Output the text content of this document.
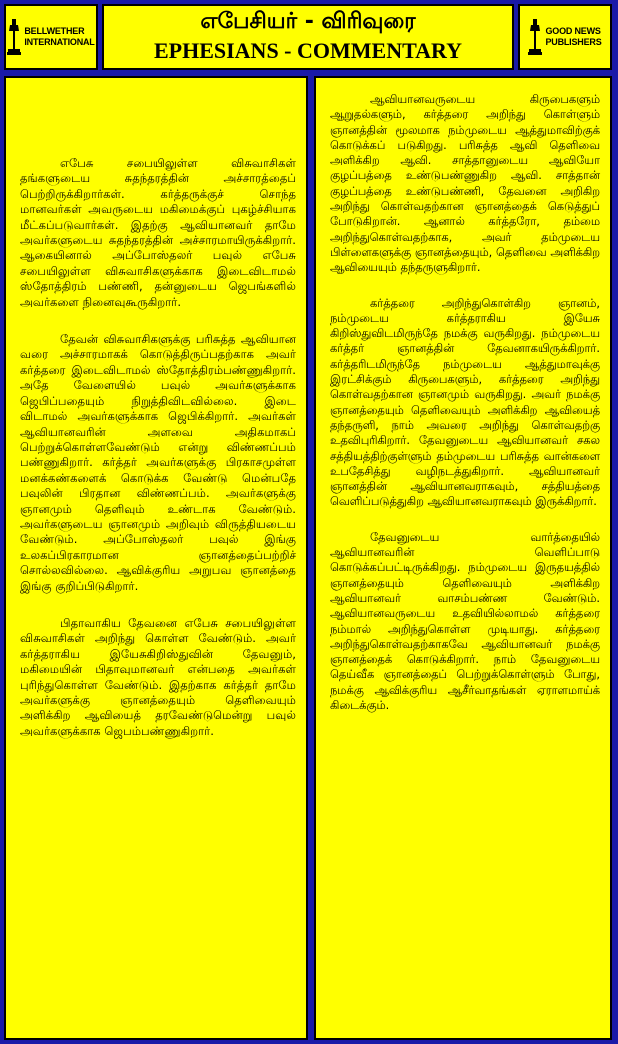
BELLWETHER
INTERNATIONAL
எபேசியர் - விரிவுரை
EPHESIANS - COMMENTARY
GOOD NEWS
PUBLISHERS

எபேசு சபையிலுள்ள விசுவாசிகள் தங்களுடைய சுதந்தரத்தின் அச்சாரத்தைப் பெற்றிருக்கிறார்கள். கர்த்தருக்குச் சொந்த மானவர்கள் அவருடைய மகிமைக்குப் புகழ்ச்சியாக மீட்கப்படுவார்கள். இதற்கு ஆவியானவர் தாமே அவர்களுடைய சுதந்தரத்தின் அச்சாரமாயிருக்கிறார். ஆகையினால் அப்போஸ்தலர் பவுல் எபேசு சபையிலுள்ள விசுவாசிகளுக்காக இடைவிடாமல் ஸ்தோத்திரம் பண்ணி, தன்னுடைய ஜெபங்களில் அவர்களை நினைவுகூருகிறார்.

தேவன் விசுவாசிகளுக்கு பரிசுத்த ஆவியான வரை அச்சாரமாகக் கொடுத்திருப்பதற்காக அவர் கர்த்தரை இடைவிடாமல் ஸ்தோத்திரம்பண்ணுகிறார். அதே வேளையில் பவுல் அவர்களுக்காக ஜெபிப்பதையும் நிறுத்திவிடவில்லை. இடை விடாமல் அவர்களுக்காக ஜெபிக்கிறார். அவர்கள் ஆவியானவரின் அளவை அதிகமாகப் பெற்றுக்கொள்ளவேண்டும் என்று விண்ணப்பம் பண்ணுகிறார். கர்த்தர் அவர்களுக்கு பிரகாசமுள்ள மனக்கண்களைக் கொடுக்க வேண்டு மென்பதே பவுலின் பிரதான விண்ணப்பம். அவர்களுக்கு ஞானமும் தெளிவும் உண்டாக வேண்டும். அவர்களுடைய ஞானமும் அறிவும் விருத்தியடைய வேண்டும். அப்போஸ்தலர் பவுல் இங்கு உலகப்பிரகாரமான ஞானத்தைப்பற்றிச் சொல்லவில்லை. ஆவிக்குரிய அறுபவ ஞானத்தை இங்கு குறிப்பிடுகிறார்.

பிதாவாகிய தேவனை எபேசு சபையிலுள்ள விசுவாசிகள் அறிந்து கொள்ள வேண்டும். அவர் கர்த்தராகிய இயேசுகிறிஸ்துவின் தேவனும், மகிமையின் பிதாவுமானவர் என்பதை அவர்கள் புரிந்துகொள்ள வேண்டும். இதற்காக கர்த்தர் தாமே அவர்களுக்கு ஞானத்தையும் தெளிவையும் அளிக்கிற ஆவியைத் தரவேண்டுமென்று பவுல் அவர்களுக்காக ஜெபம்பண்ணுகிறார்.

ஆவியானவருடைய கிருபைகளும் ஆறுதல்களும், கர்த்தரை அறிந்து கொள்ளும் ஞானத்தின் மூலமாக நம்முடைய ஆத்துமாவிற்குக் கொடுக்கப் படுகிறது. பரிசுத்த ஆவி தெளிவை அளிக்கிற ஆவி. சாத்தானுடைய ஆவியோ குழப்பத்தை உண்டுபண்ணுகிற ஆவி. சாத்தான் குழப்பத்தை உண்டுபண்ணி, தேவனை அறிகிற அறிந்து கொள்வதற்கான ஞானத்தைக் கெடுத்துப் போடுகிறான். ஆனால் கர்த்தரோ, தம்மை அறிந்துகொள்வதற்காக, அவர் தம்முடைய பிள்ளைகளுக்கு ஞானத்தையும், தெளிவை அளிக்கிற ஆவியையும் தந்தருளுகிறார்.

கர்த்தரை அறிந்துகொள்கிற ஞானம், நம்முடைய கர்த்தராகிய இயேசு கிறிஸ்துவிடமிருந்தே நமக்கு வருகிறது. நம்முடைய கர்த்தர் ஞானத்தின் தேவனாகயிருக்கிறார். கர்த்தரிடமிருந்தே நம்முடைய ஆத்துமாவுக்கு இரட்சிக்கும் கிருபைகளும், கர்த்தரை அறிந்து கொள்வதற்கான ஞானமும் வருகிறது. அவர் நமக்கு ஞானத்தையும் தெளிவையும் அளிக்கிற ஆவியைத் தந்தருளி, நாம் அவரை அறிந்து கொள்வதற்கு உதவிபுரிகிறார். தேவனுடைய ஆவியானவர் சகல சத்தியத்திற்குள்ளும் தம்முடைய பரிசுத்த வான்களை உபதேசித்து வழிநடத்துகிறார். ஆவியானவர் ஞானத்தின் ஆவியானவராகவும், சத்தியத்தை வெளிப்படுத்துகிற ஆவியானவராகவும் இருக்கிறார்.

தேவனுடைய வார்த்தையில் ஆவியானவரின் வெளிப்பாடு கொடுக்கப்பட்டிருக்கிறது. நம்முடைய இருதயத்தில் ஞானத்தையும் தெளிவையும் அளிக்கிற ஆவியானவர் வாசம்பண்ண வேண்டும். ஆவியானவருடைய உதவியில்லாமல் கர்த்தரை நம்மால் அறிந்துகொள்ள முடியாது. கர்த்தரை அறிந்துகொள்வதற்காகவே ஆவியானவர் நமக்கு ஞானத்தைக் கொடுக்கிறார். நாம் தேவனுடைய தெய்வீக ஞானத்தைப் பெற்றுக்கொள்ளும் போது, நமக்கு ஆவிக்குரிய ஆசீர்வாதங்கள் ஏராளமாய்க் கிடைக்கும்.
